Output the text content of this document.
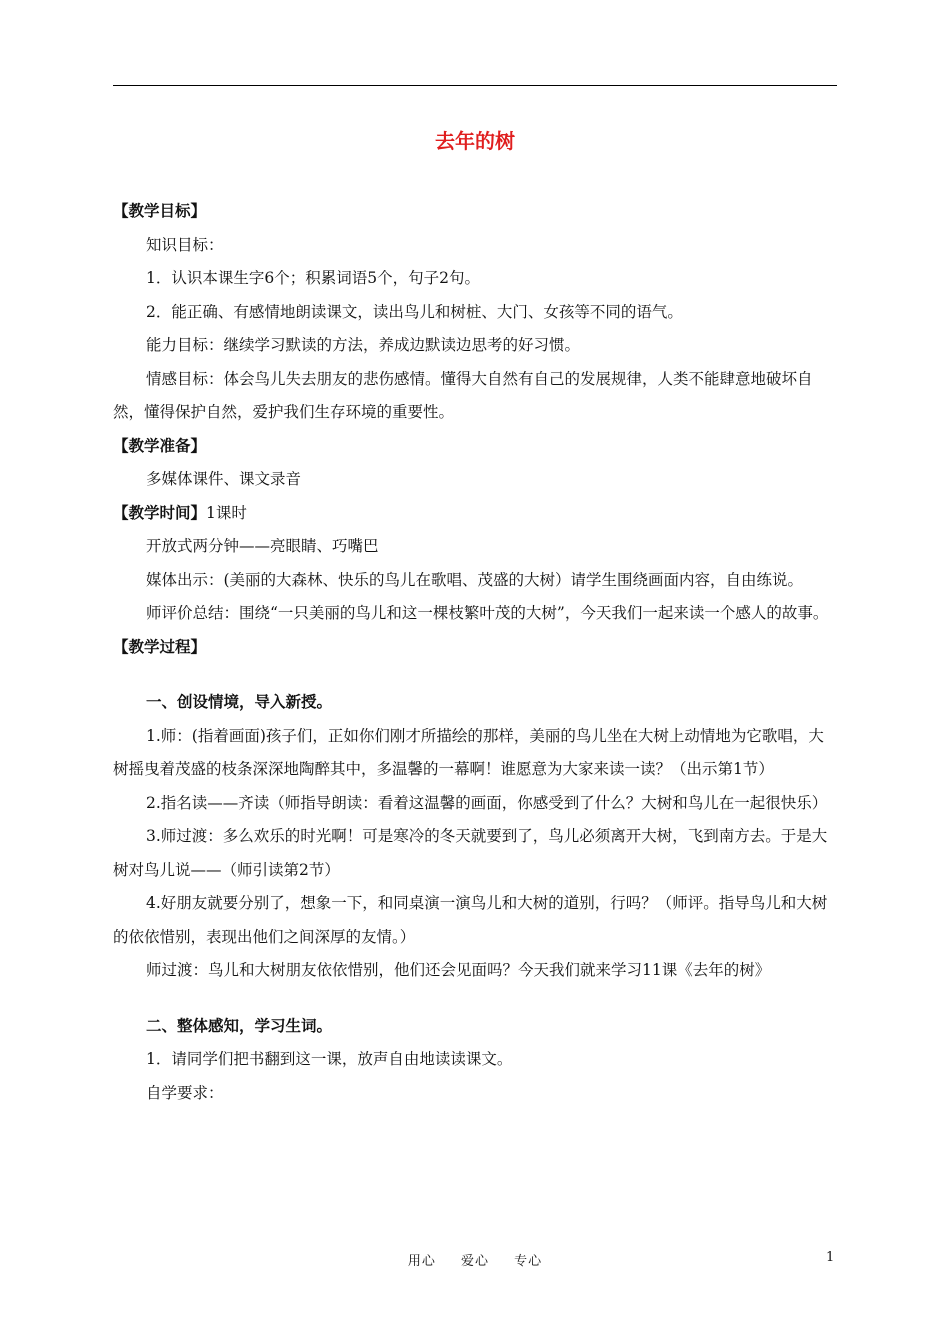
去年的树

【教学目标】

知识目标：

1．认识本课生字6个；积累词语5个，句子2句。

2．能正确、有感情地朗读课文，读出鸟儿和树桩、大门、女孩等不同的语气。

能力目标：继续学习默读的方法，养成边默读边思考的好习惯。

情感目标：体会鸟儿失去朋友的悲伤感情。懂得大自然有自己的发展规律，人类不能肆意地破坏自然，懂得保护自然，爱护我们生存环境的重要性。

【教学准备】

多媒体课件、课文录音

【教学时间】1课时

开放式两分钟——亮眼睛、巧嘴巴

媒体出示：(美丽的大森林、快乐的鸟儿在歌唱、茂盛的大树）请学生围绕画面内容，自由练说。

师评价总结：围绕“一只美丽的鸟儿和这一棵枝繁叶茂的大树”，今天我们一起来读一个感人的故事。

【教学过程】

一、创设情境，导入新授。

1.师：(指着画面)孩子们，正如你们刚才所描绘的那样，美丽的鸟儿坐在大树上动情地为它歌唱，大树摇曳着茂盛的枝条深深地陶醉其中，多温馨的一幕啊！谁愿意为大家来读一读？（出示第1节）

2.指名读——齐读（师指导朗读：看着这温馨的画面，你感受到了什么？大树和鸟儿在一起很快乐）

3.师过渡：多么欢乐的时光啊！可是寒冷的冬天就要到了，鸟儿必须离开大树，飞到南方去。于是大树对鸟儿说——（师引读第2节）

4.好朋友就要分别了，想象一下，和同桌演一演鸟儿和大树的道别，行吗？（师评。指导鸟儿和大树的依依惜别，表现出他们之间深厚的友情。）

师过渡：鸟儿和大树朋友依依惜别，他们还会见面吗？今天我们就来学习11课《去年的树》

二、整体感知，学习生词。

1．请同学们把书翻到这一课，放声自由地读读课文。

自学要求：

用心 爱心 专心	1
